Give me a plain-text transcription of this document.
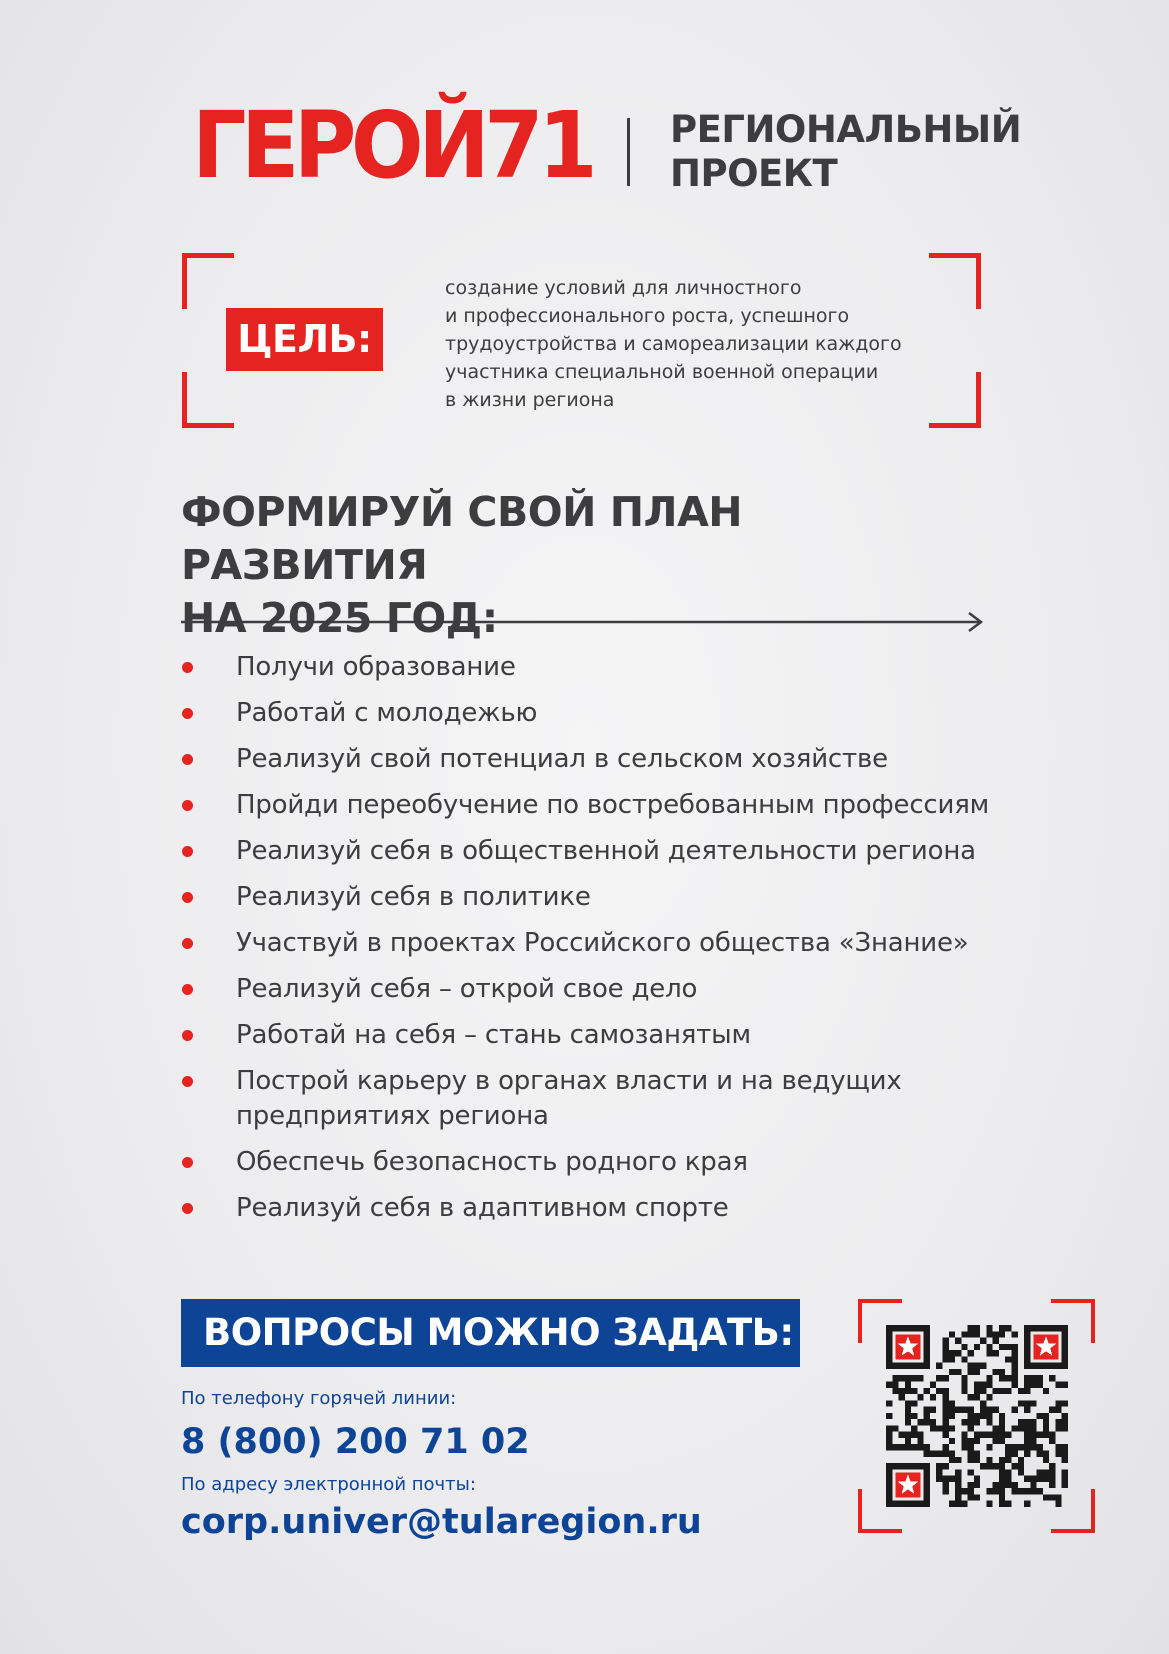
ГЕРОЙ71 РЕГИОНАЛЬНЫЙ
ПРОЕКТ
ЦЕЛЬ:
создание условий для личностного
и профессионального роста, успешного
трудоустройства и самореализации каждого
участника специальной военной операции
в жизни региона
ФОРМИРУЙ СВОЙ ПЛАН РАЗВИТИЯ
НА 2025 ГОД:
Получи образование
Работай с молодежью
Реализуй свой потенциал в сельском хозяйстве
Пройди переобучение по востребованным профессиям
Реализуй себя в общественной деятельности региона
Реализуй себя в политике
Участвуй в проектах Российского общества «Знание»
Реализуй себя – открой свое дело
Работай на себя – стань самозанятым
Построй карьеру в органах власти и на ведущих предприятиях региона
Обеспечь безопасность родного края
Реализуй себя в адаптивном спорте
ВОПРОСЫ МОЖНО ЗАДАТЬ:
По телефону горячей линии:
8 (800) 200 71 02
По адресу электронной почты:
corp.univer@tularegion.ru
